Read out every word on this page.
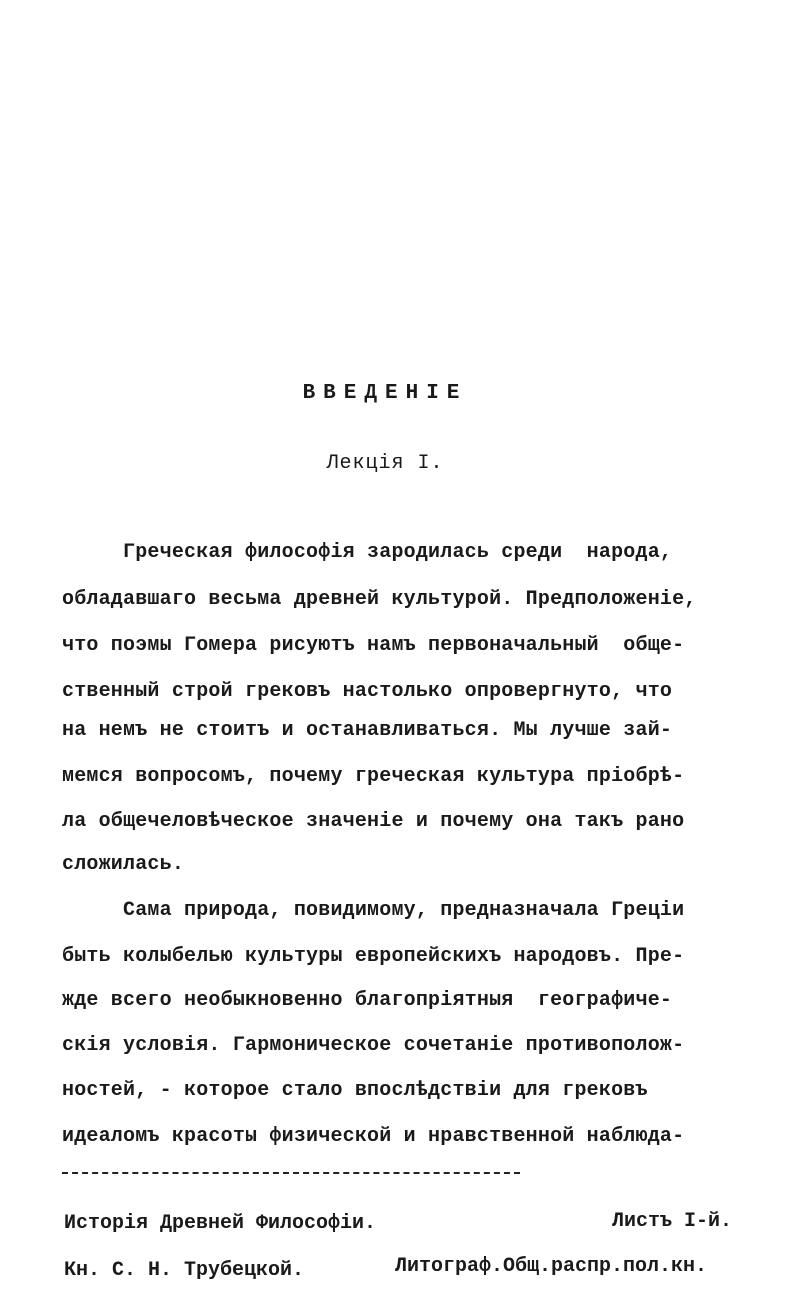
ВВЕДЕНІЕ
Лекція I.
Греческая философія зародилась среди  народа,
обладавшаго весьма древней культурой. Предположеніе,
что поэмы Гомера рисуютъ намъ первоначальный  обще-
ственный строй грековъ настолько опровергнуто, что
на немъ не стоитъ и останавливаться. Мы лучше зай-
мемся вопросомъ, почему греческая культура пріобрѣ-
ла общечеловѣческое значеніе и почему она такъ рано
сложилась.
Сама природа, повидимому, предназначала Греціи
быть колыбелью культуры европейскихъ народовъ. Пре-
жде всего необыкновенно благопріятныя  географиче-
скія условія. Гармоническое сочетаніе противополож-
ностей, - которое стало впослѣдствіи для грековъ
идеаломъ красоты физической и нравственной наблюда-
Исторія Древней Философіи.	Листъ I-й.
Кн. С. Н. Трубецкой.	Литограф.Общ.распр.пол.кн.
